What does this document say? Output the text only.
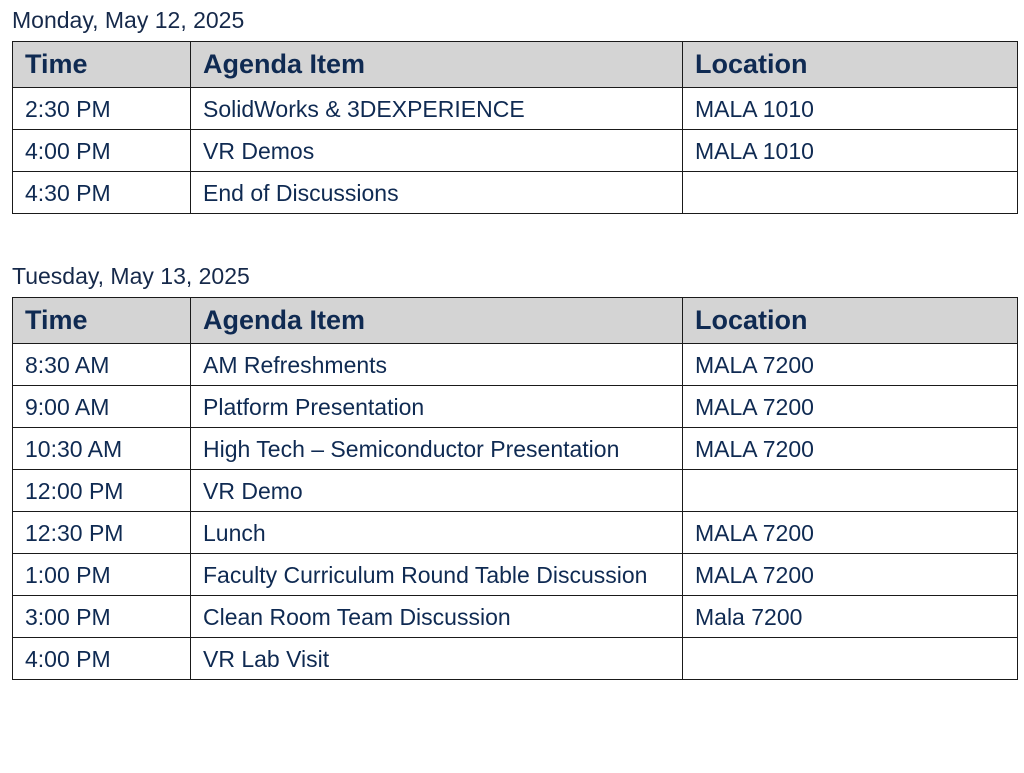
Monday, May 12, 2025
Time	Agenda Item	Location
2:30 PM	SolidWorks & 3DEXPERIENCE	MALA 1010
4:00 PM	VR Demos	MALA 1010
4:30 PM	End of Discussions	
Tuesday, May 13, 2025
Time	Agenda Item	Location
8:30 AM	AM Refreshments	MALA 7200
9:00 AM	Platform Presentation	MALA 7200
10:30 AM	High Tech – Semiconductor Presentation	MALA 7200
12:00 PM	VR Demo	
12:30 PM	Lunch	MALA 7200
1:00 PM	Faculty Curriculum Round Table Discussion	MALA 7200
3:00 PM	Clean Room Team Discussion	Mala 7200
4:00 PM	VR Lab Visit	
